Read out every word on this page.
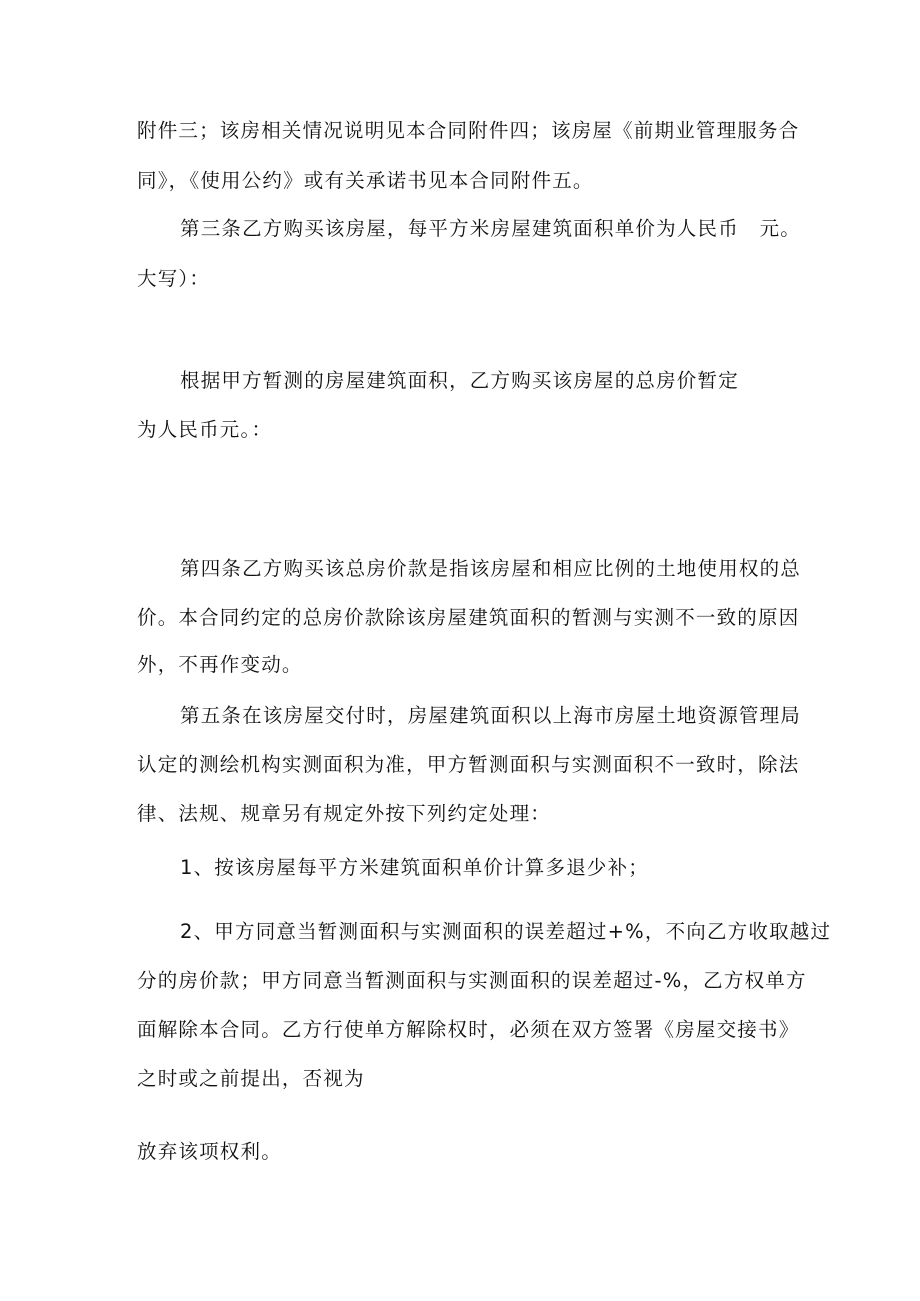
附件三；该房相关情况说明见本合同附件四；该房屋《前期业管理服务合
同》，《使用公约》或有关承诺书见本合同附件五。
第三条乙方购买该房屋，每平方米房屋建筑面积单价为人民币　元。
大写）：
根据甲方暂测的房屋建筑面积，乙方购买该房屋的总房价暂定
为人民币元。：
第四条乙方购买该总房价款是指该房屋和相应比例的土地使用权的总
价。本合同约定的总房价款除该房屋建筑面积的暂测与实测不一致的原因
外，不再作变动。
第五条在该房屋交付时，房屋建筑面积以上海市房屋土地资源管理局
认定的测绘机构实测面积为准，甲方暂测面积与实测面积不一致时，除法
律、法规、规章另有规定外按下列约定处理：
1、按该房屋每平方米建筑面积单价计算多退少补；
2、甲方同意当暂测面积与实测面积的误差超过+%，不向乙方收取越过
分的房价款；甲方同意当暂测面积与实测面积的误差超过-%，乙方权单方
面解除本合同。乙方行使单方解除权时，必须在双方签署《房屋交接书》
之时或之前提出，否视为
放弃该项权利。
